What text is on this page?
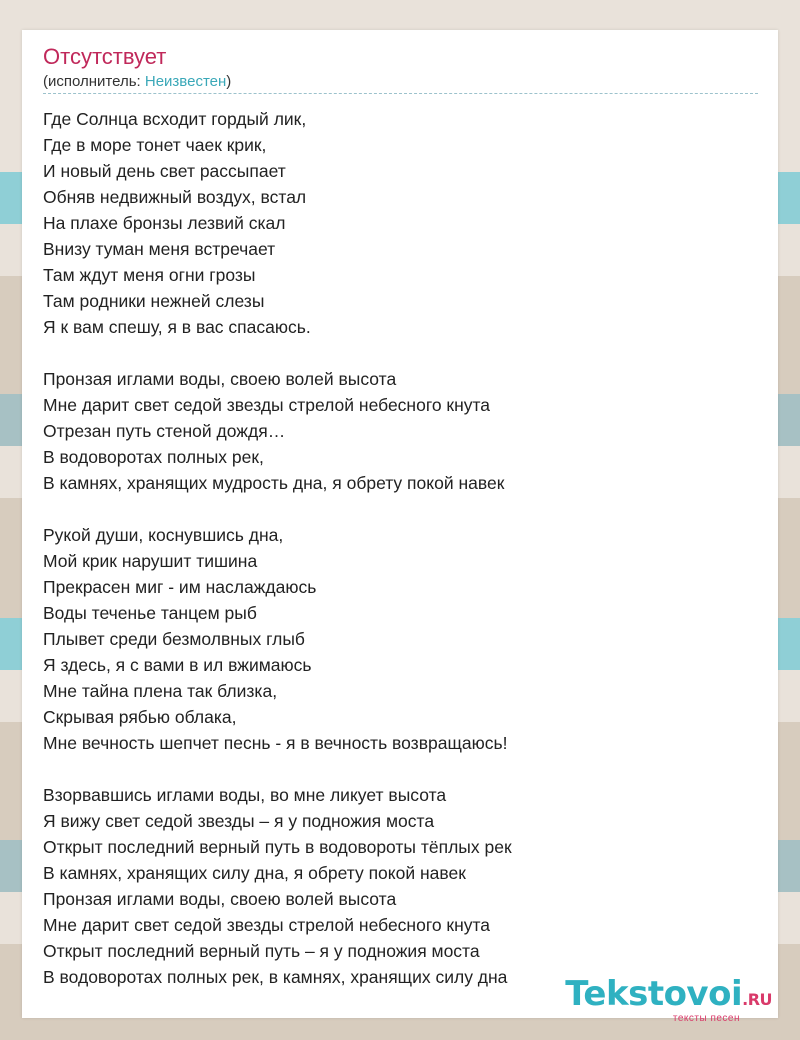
Отсутствует
(исполнитель: Неизвестен)
Где Солнца всходит гордый лик,
Где в море тонет чаек крик,
И новый день свет рассыпает
Обняв недвижный воздух, встал
На плахе бронзы лезвий скал
Внизу туман меня встречает
Там ждут меня огни грозы
Там родники нежней слезы
Я к вам спешу, я в вас спасаюсь.
Пронзая иглами воды, своею волей высота
Мне дарит свет седой звезды стрелой небесного кнута
Отрезан путь стеной дождя…
В водоворотах полных рек,
В камнях, хранящих мудрость дна, я обрету покой навек
Рукой души, коснувшись дна,
Мой крик нарушит тишина
Прекрасен миг - им наслаждаюсь
Воды теченье танцем рыб
Плывет среди безмолвных глыб
Я здесь, я с вами в ил вжимаюсь
Мне тайна плена так близка,
Скрывая рябью облака,
Мне вечность шепчет песнь - я в вечность возвращаюсь!
Взорвавшись иглами воды, во мне ликует высота
Я вижу свет седой звезды – я у подножия моста
Открыт последний верный путь в водовороты тёплых рек
В камнях, хранящих силу дна, я обрету покой навек
Пронзая иглами воды, своею волей высота
Мне дарит свет седой звезды стрелой небесного кнута
Открыт последний верный путь – я у подножия моста
В водоворотах полных рек, в камнях, хранящих силу дна	Tekstovoi.RU
тексты песен
